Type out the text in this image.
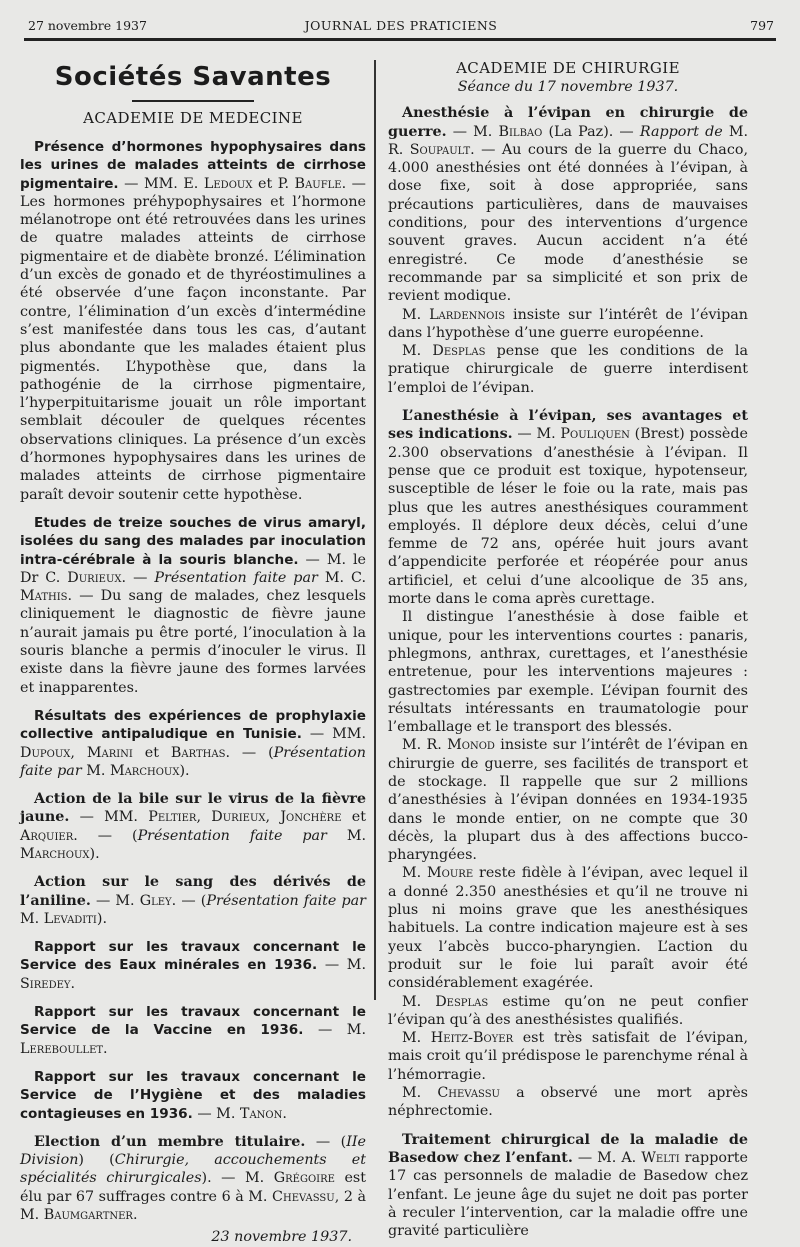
27 novembre 1937	JOURNAL DES PRATICIENS	797
Sociétés Savantes
ACADEMIE DE MEDECINE

Présence d’hormones hypophysaires dans les urines de malades atteints de cirrhose pigmentaire. — MM. E. Ledoux et P. Baufle. — Les hormones préhypophysaires et l’hormone mélanotrope ont été retrouvées dans les urines de quatre malades atteints de cirrhose pigmentaire et de diabète bronzé. L’élimination d’un excès de gonado et de thyréostimulines a été observée d’une façon inconstante. Par contre, l’élimination d’un excès d’intermédine s’est manifestée dans tous les cas, d’autant plus abondante que les malades étaient plus pigmentés. L’hypothèse que, dans la pathogénie de la cirrhose pigmentaire, l’hyperpituitarisme jouait un rôle important semblait découler de quelques récentes observations cliniques. La présence d’un excès d’hormones hypophysaires dans les urines de malades atteints de cirrhose pigmentaire paraît devoir soutenir cette hypothèse.

Etudes de treize souches de virus amaryl, isolées du sang des malades par inoculation intra-cérébrale à la souris blanche. — M. le Dr C. Durieux. — Présentation faite par M. C. Mathis. — Du sang de malades, chez lesquels cliniquement le diagnostic de fièvre jaune n’aurait jamais pu être porté, l’inoculation à la souris blanche a permis d’inoculer le virus. Il existe dans la fièvre jaune des formes larvées et inapparentes.

Résultats des expériences de prophylaxie collective antipaludique en Tunisie. — MM. Dupoux, Marini et Barthas. — (Présentation faite par M. Marchoux).

Action de la bile sur le virus de la fièvre jaune. — MM. Peltier, Durieux, Jonchère et Arquier. — (Présentation faite par M. Marchoux).

Action sur le sang des dérivés de l’aniline. — M. Gley. — (Présentation faite par M. Levaditi).

Rapport sur les travaux concernant le Service des Eaux minérales en 1936. — M. Siredey.

Rapport sur les travaux concernant le Service de la Vaccine en 1936. — M. Lereboullet.

Rapport sur les travaux concernant le Service de l’Hygiène et des maladies contagieuses en 1936. — M. Tanon.

Election d’un membre titulaire. — (IIe Division) (Chirurgie, accouchements et spécialités chirurgicales). — M. Grégoire est élu par 67 suffrages contre 6 à M. Chevassu, 2 à M. Baumgartner.

23 novembre 1937.

ACADEMIE DE CHIRURGIE
Séance du 17 novembre 1937.

Anesthésie à l’évipan en chirurgie de guerre. — M. Bilbao (La Paz). — Rapport de M. R. Soupault. — Au cours de la guerre du Chaco, 4.000 anesthésies ont été données à l’évipan, à dose fixe, soit à dose appropriée, sans précautions particulières, dans de mauvaises conditions, pour des interventions d’urgence souvent graves. Aucun accident n’a été enregistré. Ce mode d’anesthésie se recommande par sa simplicité et son prix de revient modique.

M. Lardennois insiste sur l’intérêt de l’évipan dans l’hypothèse d’une guerre européenne.

M. Desplas pense que les conditions de la pratique chirurgicale de guerre interdisent l’emploi de l’évipan.

L’anesthésie à l’évipan, ses avantages et ses indications. — M. Pouliquen (Brest) possède 2.300 observations d’anesthésie à l’évipan. Il pense que ce produit est toxique, hypotenseur, susceptible de léser le foie ou la rate, mais pas plus que les autres anesthésiques couramment employés. Il déplore deux décès, celui d’une femme de 72 ans, opérée huit jours avant d’appendicite perforée et réopérée pour anus artificiel, et celui d’une alcoolique de 35 ans, morte dans le coma après curettage.

Il distingue l’anesthésie à dose faible et unique, pour les interventions courtes : panaris, phlegmons, anthrax, curettages, et l’anesthésie entretenue, pour les interventions majeures : gastrectomies par exemple. L’évipan fournit des résultats intéressants en traumatologie pour l’emballage et le transport des blessés.

M. R. Monod insiste sur l’intérêt de l’évipan en chirurgie de guerre, ses facilités de transport et de stockage. Il rappelle que sur 2 millions d’anesthésies à l’évipan données en 1934-1935 dans le monde entier, on ne compte que 30 décès, la plupart dus à des affections bucco-pharyngées.

M. Moure reste fidèle à l’évipan, avec lequel il a donné 2.350 anesthésies et qu’il ne trouve ni plus ni moins grave que les anesthésiques habituels. La contre indication majeure est à ses yeux l’abcès bucco-pharyngien. L’action du produit sur le foie lui paraît avoir été considérablement exagérée.

M. Desplas estime qu’on ne peut confier l’évipan qu’à des anesthésistes qualifiés.

M. Heitz-Boyer est très satisfait de l’évipan, mais croit qu’il prédispose le parenchyme rénal à l’hémorragie.

M. Chevassu a observé une mort après néphrectomie.

Traitement chirurgical de la maladie de Basedow chez l’enfant. — M. A. Welti rapporte 17 cas personnels de maladie de Basedow chez l’enfant. Le jeune âge du sujet ne doit pas porter à reculer l’intervention, car la maladie offre une gravité particulière
